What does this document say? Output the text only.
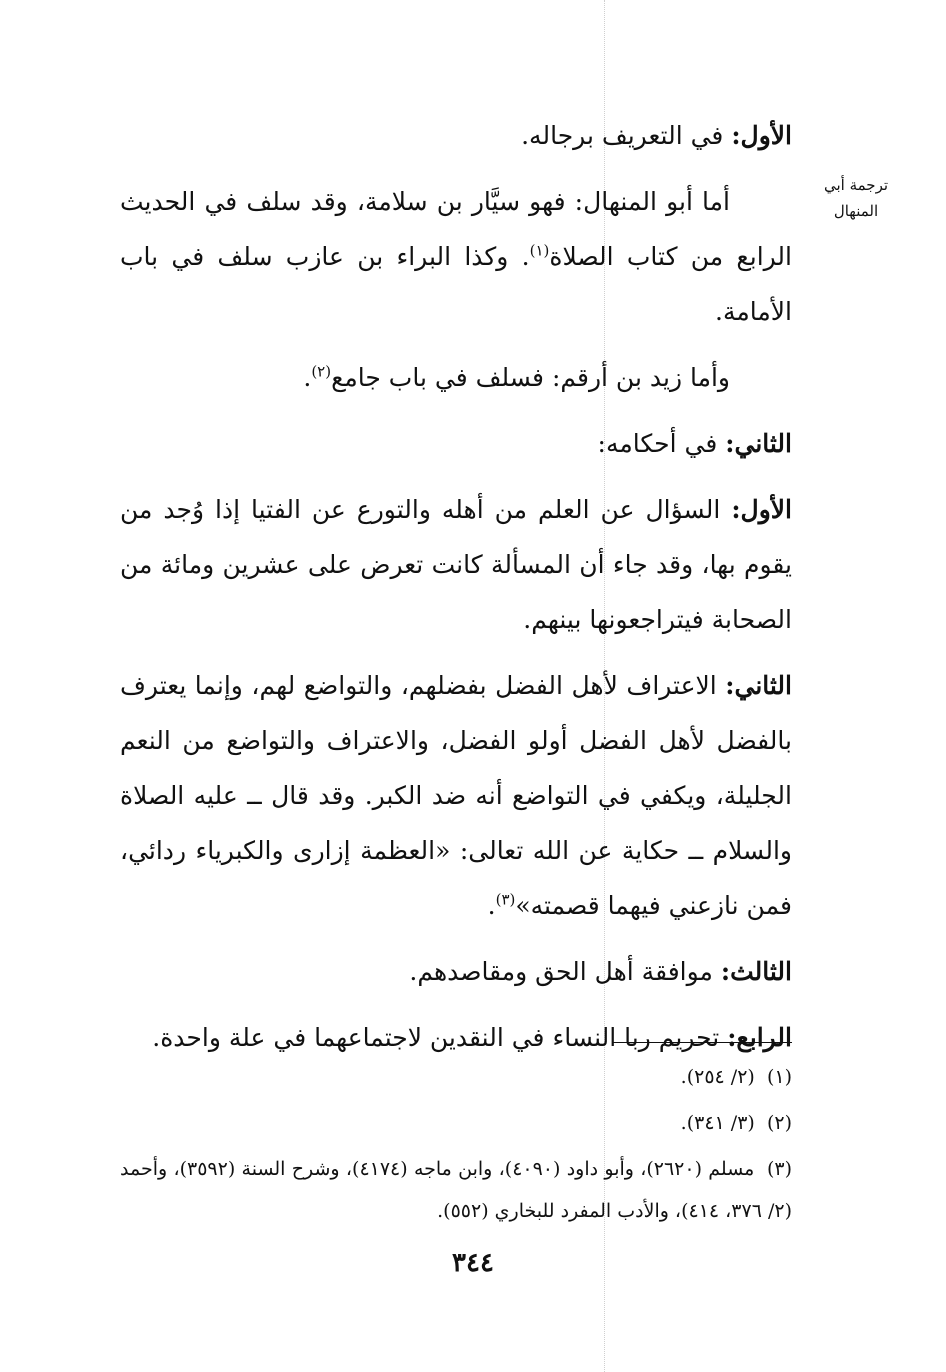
ترجمة أبي المنهال

الأول: في التعريف برجاله.

أما أبو المنهال: فهو سيَّار بن سلامة، وقد سلف في الحديث الرابع من كتاب الصلاة$^{(١)}$. وكذا البراء بن عازب سلف في باب الأمامة.

وأما زيد بن أرقم: فسلف في باب جامع$^{(٢)}$.

الثاني: في أحكامه:

الأول: السؤال عن العلم من أهله والتورع عن الفتيا إذا وُجد من يقوم بها، وقد جاء أن المسألة كانت تعرض على عشرين ومائة من الصحابة فيتراجعونها بينهم.

الثاني: الاعتراف لأهل الفضل بفضلهم، والتواضع لهم، وإنما يعترف بالفضل لأهل الفضل أولو الفضل، والاعتراف والتواضع من النعم الجليلة، ويكفي في التواضع أنه ضد الكبر. وقد قال ــ عليه الصلاة والسلام ــ حكاية عن الله تعالى: «العظمة إزارى والكبرياء ردائي، فمن نازعني فيهما قصمته»$^{(٣)}$.

الثالث: موافقة أهل الحق ومقاصدهم.

الرابع: تحريم ربا النساء في النقدين لاجتماعهما في علة واحدة.

(١)  (٢/ ٢٥٤).
(٢)  (٣/ ٣٤١).
(٣)  مسلم (٢٦٢٠)، وأبو داود (٤٠٩٠)، وابن ماجه (٤١٧٤)، وشرح السنة (٣٥٩٢)، وأحمد (٢/ ٣٧٦، ٤١٤)، والأدب المفرد للبخاري (٥٥٢).
٣٤٤
